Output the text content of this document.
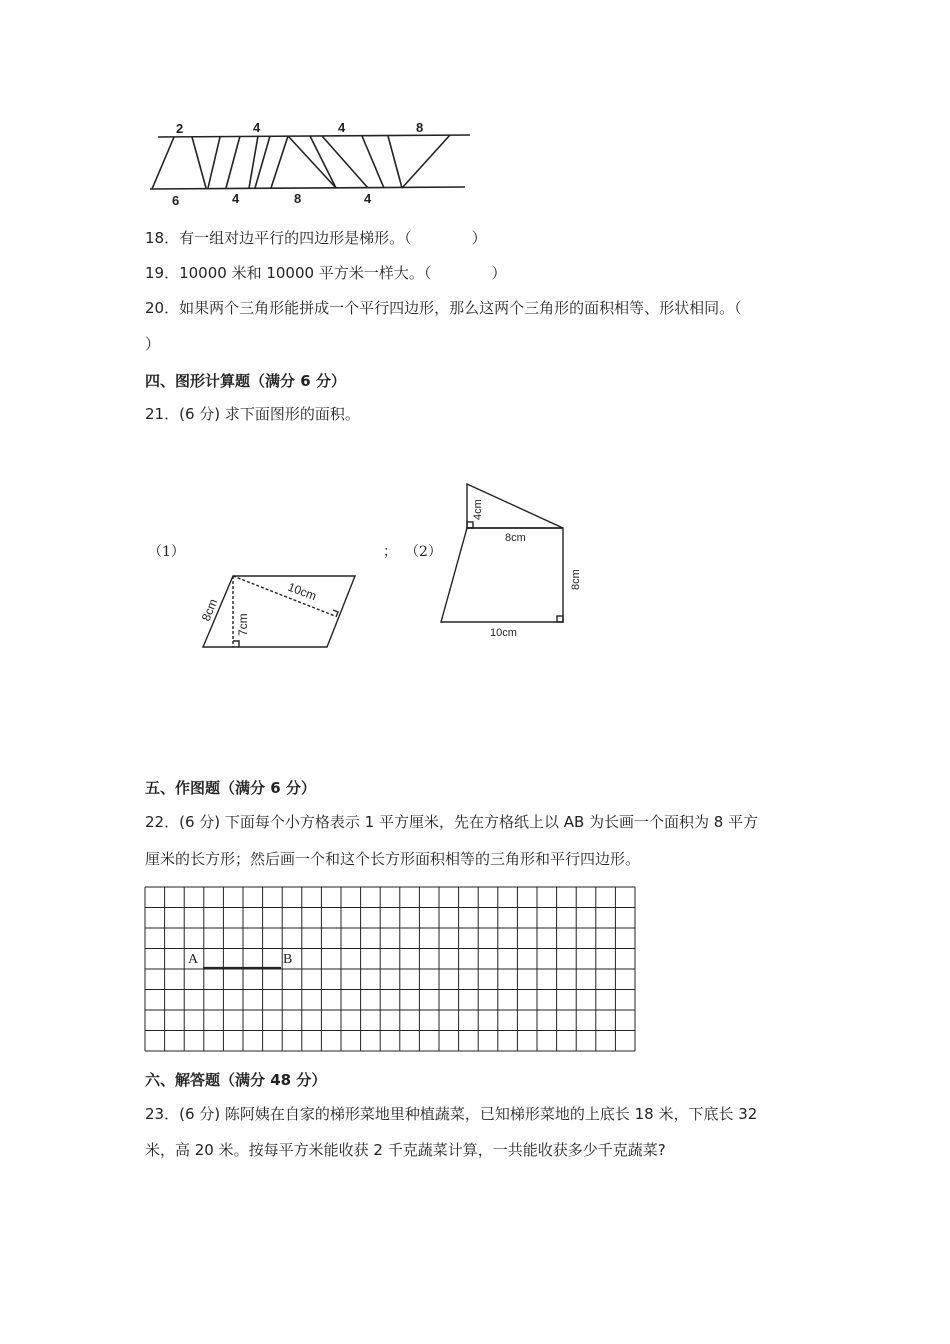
2	4	4	8
6	4	8	4
18．有一组对边平行的四边形是梯形。（　　　　）
19．10000 米和 10000 平方米一样大。（　　　　）
20．如果两个三角形能拼成一个平行四边形，那么这两个三角形的面积相等、形状相同。（
）
四、图形计算题（满分 6 分）
21．(6 分) 求下面图形的面积。
（1）	； （2）
8cm
7cm
10cm
4cm
8cm
8cm
10cm
五、作图题（满分 6 分）
22．(6 分) 下面每个小方格表示 1 平方厘米，先在方格纸上以 AB 为长画一个面积为 8 平方
厘米的长方形；然后画一个和这个长方形面积相等的三角形和平行四边形。
A	B
六、解答题（满分 48 分）
23．(6 分) 陈阿姨在自家的梯形菜地里种植蔬菜，已知梯形菜地的上底长 18 米，下底长 32
米，高 20 米。按每平方米能收获 2 千克蔬菜计算，一共能收获多少千克蔬菜?
